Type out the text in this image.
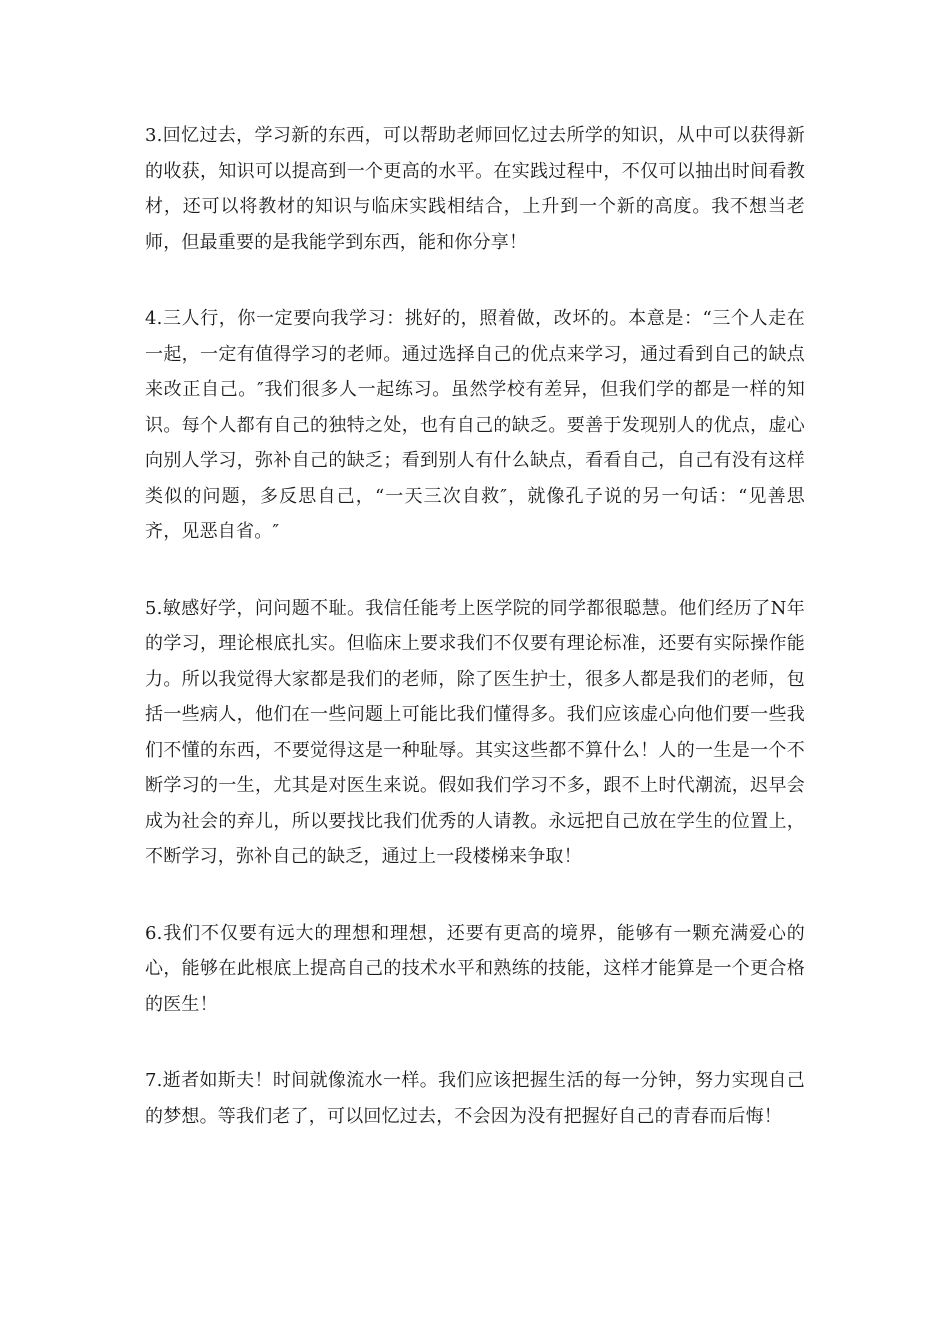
3.回忆过去，学习新的东西，可以帮助老师回忆过去所学的知识，从中可以获得新的收获，知识可以提高到一个更高的水平。在实践过程中，不仅可以抽出时间看教材，还可以将教材的知识与临床实践相结合，上升到一个新的高度。我不想当老师，但最重要的是我能学到东西，能和你分享！

4.三人行，你一定要向我学习：挑好的，照着做，改坏的。本意是：“三个人走在一起，一定有值得学习的老师。通过选择自己的优点来学习，通过看到自己的缺点来改正自己。″我们很多人一起练习。虽然学校有差异，但我们学的都是一样的知识。每个人都有自己的独特之处，也有自己的缺乏。要善于发现别人的优点，虚心向别人学习，弥补自己的缺乏；看到别人有什么缺点，看看自己，自己有没有这样类似的问题，多反思自己，“一天三次自救″，就像孔子说的另一句话：“见善思齐，见恶自省。″

5.敏感好学，问问题不耻。我信任能考上医学院的同学都很聪慧。他们经历了N年的学习，理论根底扎实。但临床上要求我们不仅要有理论标准，还要有实际操作能力。所以我觉得大家都是我们的老师，除了医生护士，很多人都是我们的老师，包括一些病人，他们在一些问题上可能比我们懂得多。我们应该虚心向他们要一些我们不懂的东西，不要觉得这是一种耻辱。其实这些都不算什么！人的一生是一个不断学习的一生，尤其是对医生来说。假如我们学习不多，跟不上时代潮流，迟早会成为社会的弃儿，所以要找比我们优秀的人请教。永远把自己放在学生的位置上，不断学习，弥补自己的缺乏，通过上一段楼梯来争取！

6.我们不仅要有远大的理想和理想，还要有更高的境界，能够有一颗充满爱心的心，能够在此根底上提高自己的技术水平和熟练的技能，这样才能算是一个更合格的医生！

7.逝者如斯夫！时间就像流水一样。我们应该把握生活的每一分钟，努力实现自己的梦想。等我们老了，可以回忆过去，不会因为没有把握好自己的青春而后悔！
